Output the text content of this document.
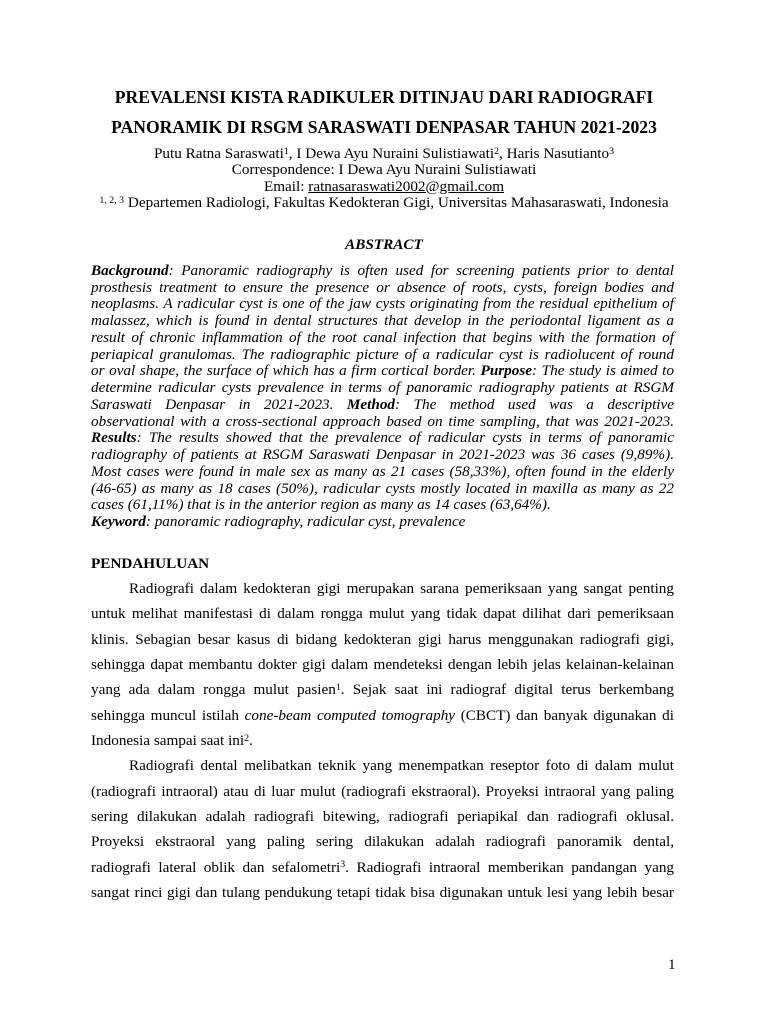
PREVALENSI KISTA RADIKULER DITINJAU DARI RADIOGRAFI
PANORAMIK DI RSGM SARASWATI DENPASAR TAHUN 2021-2023
Putu Ratna Saraswati$^1$, I Dewa Ayu Nuraini Sulistiawati$^2$, Haris Nasutianto$^3$
Correspondence: I Dewa Ayu Nuraini Sulistiawati
Email: ratnasaraswati2002@gmail.com
$^{1, 2, 3}$ Departemen Radiologi, Fakultas Kedokteran Gigi, Universitas Mahasaraswati, Indonesia
ABSTRACT
Background: Panoramic radiography is often used for screening patients prior to dental
prosthesis treatment to ensure the presence or absence of roots, cysts, foreign bodies and
neoplasms. A radicular cyst is one of the jaw cysts originating from the residual epithelium of
malassez, which is found in dental structures that develop in the periodontal ligament as a
result of chronic inflammation of the root canal infection that begins with the formation of
periapical granulomas. The radiographic picture of a radicular cyst is radiolucent of round
or oval shape, the surface of which has a firm cortical border. Purpose: The study is aimed to
determine radicular cysts prevalence in terms of panoramic radiography patients at RSGM
Saraswati Denpasar in 2021-2023. Method: The method used was a descriptive
observational with a cross-sectional approach based on time sampling, that was 2021-2023.
Results: The results showed that the prevalence of radicular cysts in terms of panoramic
radiography of patients at RSGM Saraswati Denpasar in 2021-2023 was 36 cases (9,89%).
Most cases were found in male sex as many as 21 cases (58,33%), often found in the elderly
(46-65) as many as 18 cases (50%), radicular cysts mostly located in maxilla as many as 22
cases (61,11%) that is in the anterior region as many as 14 cases (63,64%).
Keyword: panoramic radiography, radicular cyst, prevalence
PENDAHULUAN
Radiografi dalam kedokteran gigi merupakan sarana pemeriksaan yang sangat penting
untuk melihat manifestasi di dalam rongga mulut yang tidak dapat dilihat dari pemeriksaan
klinis. Sebagian besar kasus di bidang kedokteran gigi harus menggunakan radiografi gigi,
sehingga dapat membantu dokter gigi dalam mendeteksi dengan lebih jelas kelainan-kelainan
yang ada dalam rongga mulut pasien$^1$. Sejak saat ini radiograf digital terus berkembang
sehingga muncul istilah cone-beam computed tomography (CBCT) dan banyak digunakan di
Indonesia sampai saat ini$^2$.
Radiografi dental melibatkan teknik yang menempatkan reseptor foto di dalam mulut
(radiografi intraoral) atau di luar mulut (radiografi ekstraoral). Proyeksi intraoral yang paling
sering dilakukan adalah radiografi bitewing, radiografi periapikal dan radiografi oklusal.
Proyeksi ekstraoral yang paling sering dilakukan adalah radiografi panoramik dental,
radiografi lateral oblik dan sefalometri$^3$. Radiografi intraoral memberikan pandangan yang
sangat rinci gigi dan tulang pendukung tetapi tidak bisa digunakan untuk lesi yang lebih besar
1
